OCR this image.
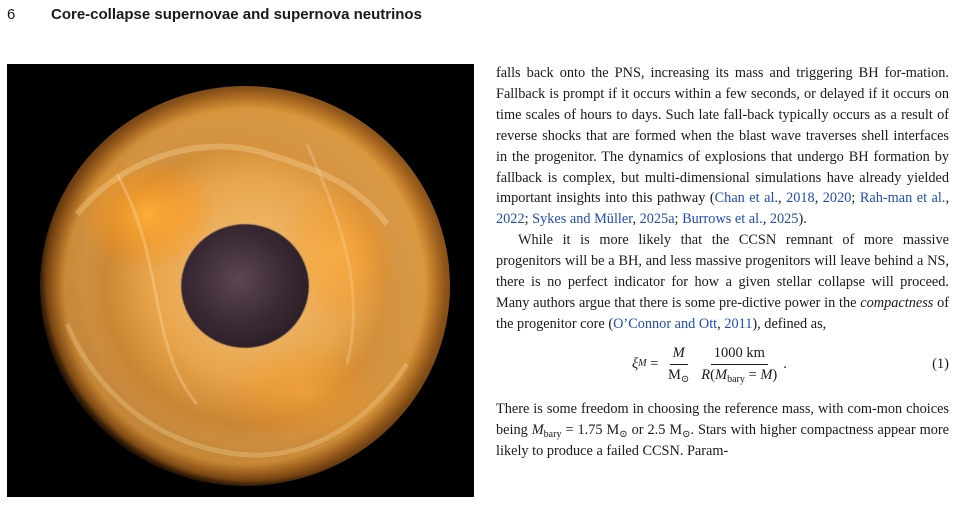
6 Core-collapse supernovae and supernova neutrinos

falls back onto the PNS, increasing its mass and triggering BH for-mation. Fallback is prompt if it occurs within a few seconds, or delayed if it occurs on time scales of hours to days. Such late fall-back typically occurs as a result of reverse shocks that are formed when the blast wave traverses shell interfaces in the progenitor. The dynamics of explosions that undergo BH formation by fallback is complex, but multi-dimensional simulations have already yielded important insights into this pathway (Chan et al., 2018, 2020; Rah-man et al., 2022; Sykes and Müller, 2025a; Burrows et al., 2025).

While it is more likely that the CCSN remnant of more massive progenitors will be a BH, and less massive progenitors will leave behind a NS, there is no perfect indicator for how a given stellar collapse will proceed. Many authors argue that there is some pre-dictive power in the compactness of the progenitor core (O’Connor and Ott, 2011), defined as,

ξ $M = \frac{M}{M_⊙} \frac{1000 km}{R(M_{bary} = M)}$ .	(1)

There is some freedom in choosing the reference mass, with com-mon choices being $M_{bary} = 1.75$ $M_⊙$ or 2.5 $M_⊙$. Stars with higher compactness appear more likely to produce a failed CCSN. Param-
